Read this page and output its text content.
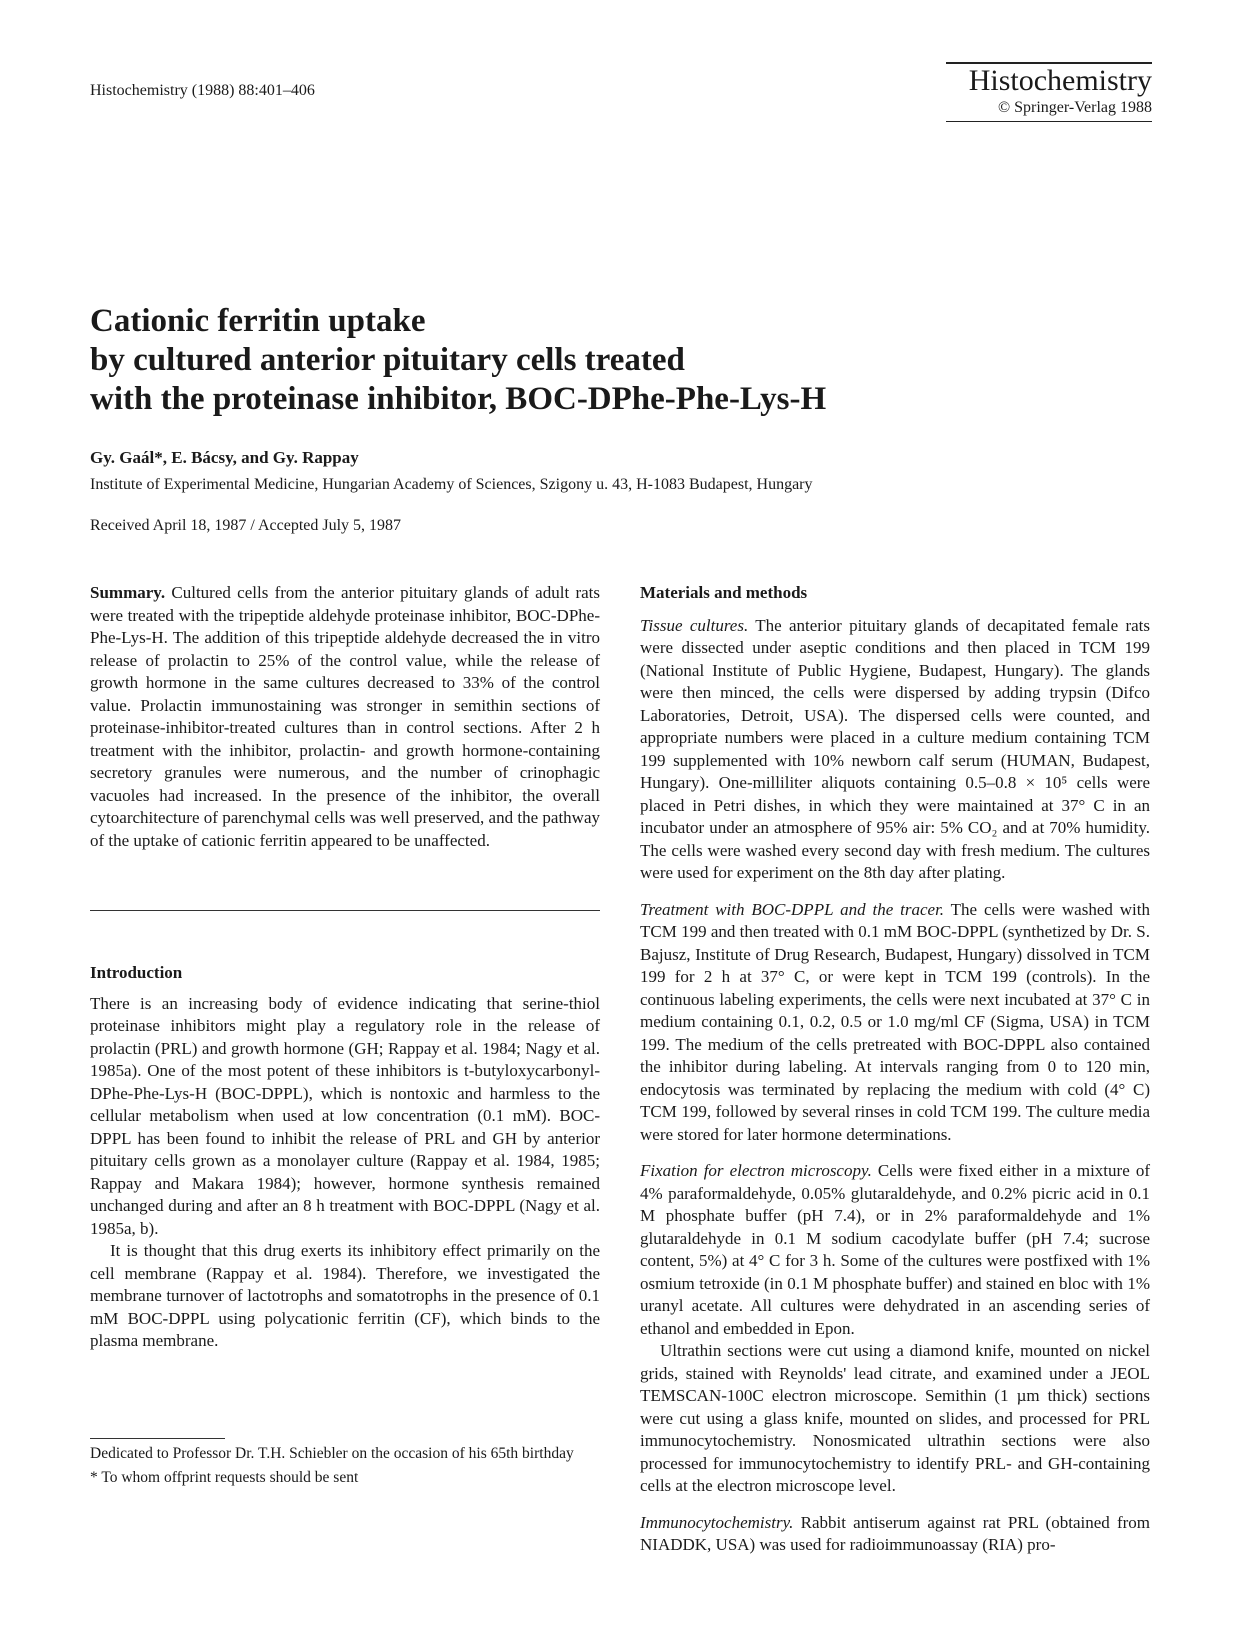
Histochemistry (1988) 88:401–406	Histochemistry
© Springer-Verlag 1988
Cationic ferritin uptake
by cultured anterior pituitary cells treated
with the proteinase inhibitor, BOC-DPhe-Phe-Lys-H
Gy. Gaál*, E. Bácsy, and Gy. Rappay
Institute of Experimental Medicine, Hungarian Academy of Sciences, Szigony u. 43, H-1083 Budapest, Hungary
Received April 18, 1987 / Accepted July 5, 1987

Summary. Cultured cells from the anterior pituitary glands of adult rats were treated with the tripeptide aldehyde proteinase inhibitor, BOC-DPhe-Phe-Lys-H. The addition of this tripeptide aldehyde decreased the in vitro release of prolactin to 25% of the control value, while the release of growth hormone in the same cultures decreased to 33% of the control value. Prolactin immunostaining was stronger in semithin sections of proteinase-inhibitor-treated cultures than in control sections. After 2 h treatment with the inhibitor, prolactin- and growth hormone-containing secretory granules were numerous, and the number of crinophagic vacuoles had increased. In the presence of the inhibitor, the overall cytoarchitecture of parenchymal cells was well preserved, and the pathway of the uptake of cationic ferritin appeared to be unaffected.

Introduction

There is an increasing body of evidence indicating that serine-thiol proteinase inhibitors might play a regulatory role in the release of prolactin (PRL) and growth hormone (GH; Rappay et al. 1984; Nagy et al. 1985a). One of the most potent of these inhibitors is t-butyloxycarbonyl-DPhe-Phe-Lys-H (BOC-DPPL), which is nontoxic and harmless to the cellular metabolism when used at low concentration (0.1 mM). BOC-DPPL has been found to inhibit the release of PRL and GH by anterior pituitary cells grown as a monolayer culture (Rappay et al. 1984, 1985; Rappay and Makara 1984); however, hormone synthesis remained unchanged during and after an 8 h treatment with BOC-DPPL (Nagy et al. 1985a, b).

It is thought that this drug exerts its inhibitory effect primarily on the cell membrane (Rappay et al. 1984). Therefore, we investigated the membrane turnover of lactotrophs and somatotrophs in the presence of 0.1 mM BOC-DPPL using polycationic ferritin (CF), which binds to the plasma membrane.

Dedicated to Professor Dr. T.H. Schiebler on the occasion of his 65th birthday

* To whom offprint requests should be sent

Materials and methods

Tissue cultures. The anterior pituitary glands of decapitated female rats were dissected under aseptic conditions and then placed in TCM 199 (National Institute of Public Hygiene, Budapest, Hungary). The glands were then minced, the cells were dispersed by adding trypsin (Difco Laboratories, Detroit, USA). The dispersed cells were counted, and appropriate numbers were placed in a culture medium containing TCM 199 supplemented with 10% newborn calf serum (HUMAN, Budapest, Hungary). One-milliliter aliquots containing 0.5–0.8 × 10⁵ cells were placed in Petri dishes, in which they were maintained at 37° C in an incubator under an atmosphere of 95% air: 5% CO₂ and at 70% humidity. The cells were washed every second day with fresh medium. The cultures were used for experiment on the 8th day after plating.

Treatment with BOC-DPPL and the tracer. The cells were washed with TCM 199 and then treated with 0.1 mM BOC-DPPL (synthetized by Dr. S. Bajusz, Institute of Drug Research, Budapest, Hungary) dissolved in TCM 199 for 2 h at 37° C, or were kept in TCM 199 (controls). In the continuous labeling experiments, the cells were next incubated at 37° C in medium containing 0.1, 0.2, 0.5 or 1.0 mg/ml CF (Sigma, USA) in TCM 199. The medium of the cells pretreated with BOC-DPPL also contained the inhibitor during labeling. At intervals ranging from 0 to 120 min, endocytosis was terminated by replacing the medium with cold (4° C) TCM 199, followed by several rinses in cold TCM 199. The culture media were stored for later hormone determinations.

Fixation for electron microscopy. Cells were fixed either in a mixture of 4% paraformaldehyde, 0.05% glutaraldehyde, and 0.2% picric acid in 0.1 M phosphate buffer (pH 7.4), or in 2% paraformaldehyde and 1% glutaraldehyde in 0.1 M sodium cacodylate buffer (pH 7.4; sucrose content, 5%) at 4° C for 3 h. Some of the cultures were postfixed with 1% osmium tetroxide (in 0.1 M phosphate buffer) and stained en bloc with 1% uranyl acetate. All cultures were dehydrated in an ascending series of ethanol and embedded in Epon.

Ultrathin sections were cut using a diamond knife, mounted on nickel grids, stained with Reynolds' lead citrate, and examined under a JEOL TEMSCAN-100C electron microscope. Semithin (1 µm thick) sections were cut using a glass knife, mounted on slides, and processed for PRL immunocytochemistry. Nonosmicated ultrathin sections were also processed for immunocytochemistry to identify PRL- and GH-containing cells at the electron microscope level.

Immunocytochemistry. Rabbit antiserum against rat PRL (obtained from NIADDK, USA) was used for radioimmunoassay (RIA) pro-
